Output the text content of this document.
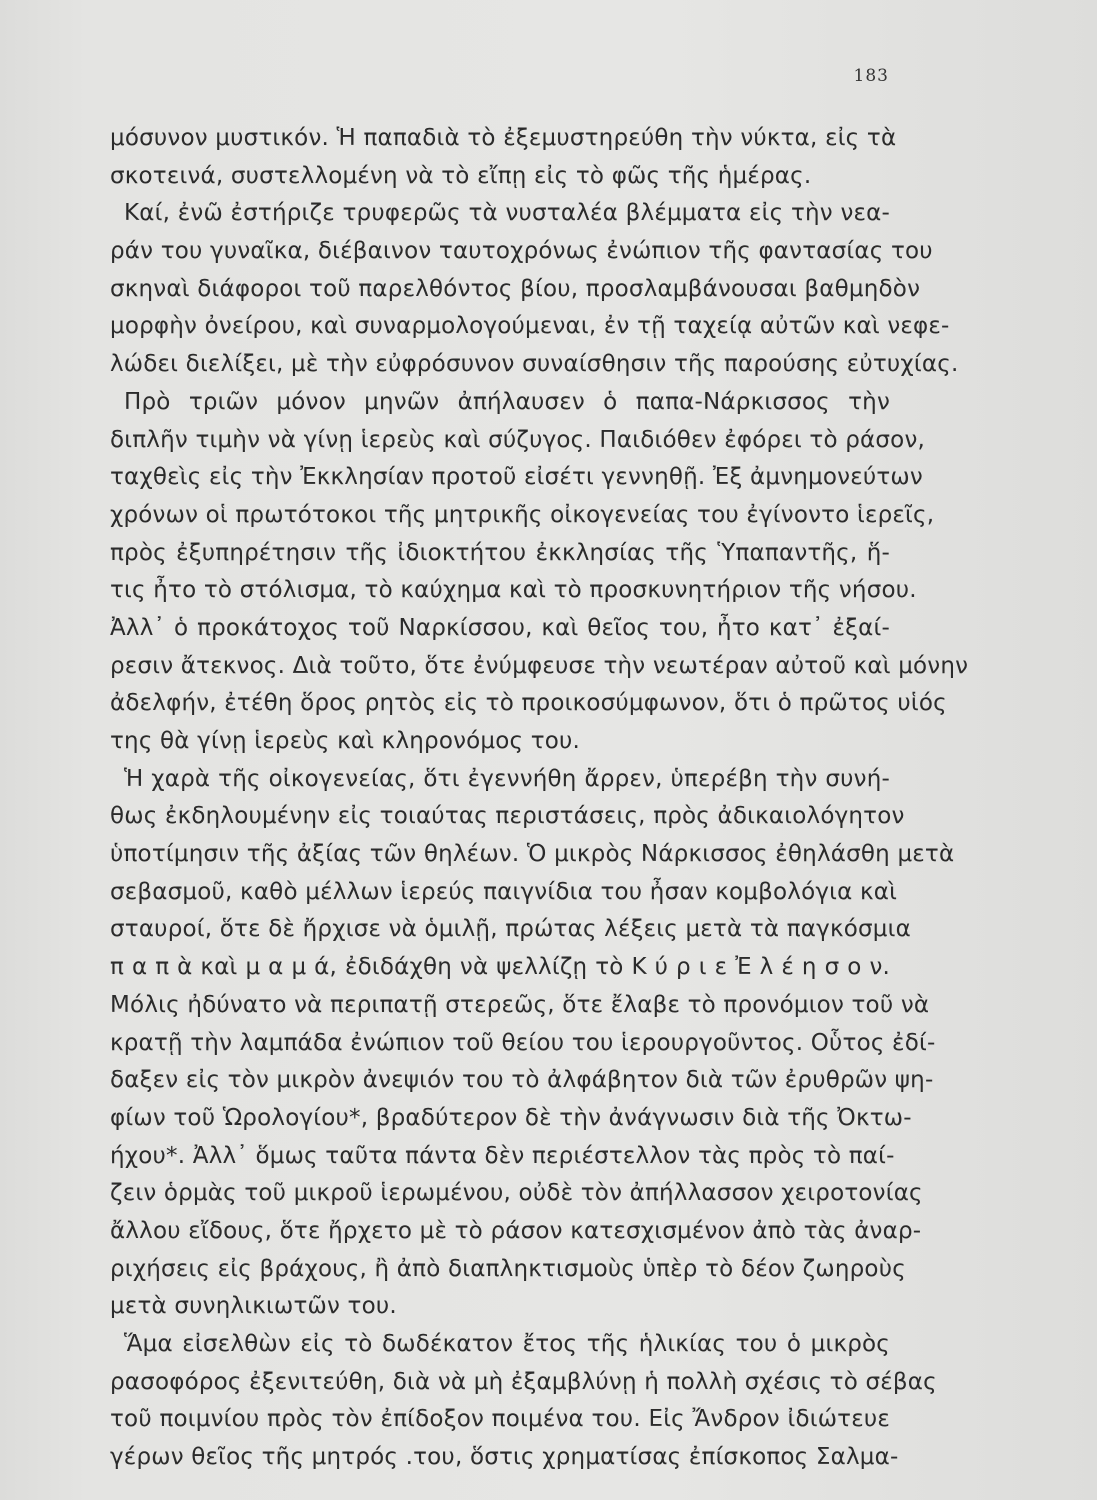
183
μόσυνον μυστικόν. Ἡ παπαδιὰ τὸ ἐξεμυστηρεύθη τὴν νύκτα, εἰς τὰ
σκοτεινά, συστελλομένη νὰ τὸ εἴπῃ εἰς τὸ φῶς τῆς ἡμέρας.
Καί, ἐνῶ ἐστήριζε τρυφερῶς τὰ νυσταλέα βλέμματα εἰς τὴν νεα-
ράν του γυναῖκα, διέβαινον ταυτοχρόνως ἐνώπιον τῆς φαντασίας του
σκηναὶ διάφοροι τοῦ παρελθόντος βίου, προσλαμβάνουσαι βαθμηδὸν
μορφὴν ὀνείρου, καὶ συναρμολογούμεναι, ἐν τῇ ταχείᾳ αὐτῶν καὶ νεφε-
λώδει διελίξει, μὲ τὴν εὐφρόσυνον συναίσθησιν τῆς παρούσης εὐτυχίας.
Πρὸ τριῶν μόνον μηνῶν ἀπήλαυσεν ὁ παπα-Νάρκισσος τὴν
διπλῆν τιμὴν νὰ γίνῃ ἱερεὺς καὶ σύζυγος. Παιδιόθεν ἐφόρει τὸ ράσον,
ταχθεὶς εἰς τὴν Ἐκκλησίαν προτοῦ εἰσέτι γεννηθῇ. Ἐξ ἀμνημονεύτων
χρόνων οἱ πρωτότοκοι τῆς μητρικῆς οἰκογενείας του ἐγίνοντο ἱερεῖς,
πρὸς ἐξυπηρέτησιν τῆς ἰδιοκτήτου ἐκκλησίας τῆς Ὑπαπαντῆς, ἥ-
τις ἦτο τὸ στόλισμα, τὸ καύχημα καὶ τὸ προσκυνητήριον τῆς νήσου.
Ἀλλ᾽ ὁ προκάτοχος τοῦ Ναρκίσσου, καὶ θεῖος του, ἦτο κατ᾽ ἐξαί-
ρεσιν ἄτεκνος. Διὰ τοῦτο, ὅτε ἐνύμφευσε τὴν νεωτέραν αὐτοῦ καὶ μόνην
ἀδελφήν, ἐτέθη ὅρος ρητὸς εἰς τὸ προικοσύμφωνον, ὅτι ὁ πρῶτος υἱός
της θὰ γίνῃ ἱερεὺς καὶ κληρονόμος του.
Ἡ χαρὰ τῆς οἰκογενείας, ὅτι ἐγεννήθη ἄρρεν, ὑπερέβη τὴν συνή-
θως ἐκδηλουμένην εἰς τοιαύτας περιστάσεις, πρὸς ἀδικαιολόγητον
ὑποτίμησιν τῆς ἀξίας τῶν θηλέων. Ὁ μικρὸς Νάρκισσος ἐθηλάσθη μετὰ
σεβασμοῦ, καθὸ μέλλων ἱερεύς παιγνίδια του ἦσαν κομβολόγια καὶ
σταυροί, ὅτε δὲ ἤρχισε νὰ ὁμιλῇ, πρώτας λέξεις μετὰ τὰ παγκόσμια
π α π ὰ καὶ μ α μ ά, ἐδιδάχθη νὰ ψελλίζῃ τὸ Κ ύ ρ ι ε Ἐ λ έ η σ ο ν.
Μόλις ἠδύνατο νὰ περιπατῇ στερεῶς, ὅτε ἔλαβε τὸ προνόμιον τοῦ νὰ
κρατῇ τὴν λαμπάδα ἐνώπιον τοῦ θείου του ἱερουργοῦντος. Οὗτος ἐδί-
δαξεν εἰς τὸν μικρὸν ἀνεψιόν του τὸ ἀλφάβητον διὰ τῶν ἐρυθρῶν ψη-
φίων τοῦ Ὡρολογίου*, βραδύτερον δὲ τὴν ἀνάγνωσιν διὰ τῆς Ὀκτω-
ήχου*. Ἀλλ᾽ ὅμως ταῦτα πάντα δὲν περιέστελλον τὰς πρὸς τὸ παί-
ζειν ὁρμὰς τοῦ μικροῦ ἱερωμένου, οὐδὲ τὸν ἀπήλλασσον χειροτονίας
ἄλλου εἴδους, ὅτε ἤρχετο μὲ τὸ ράσον κατεσχισμένον ἀπὸ τὰς ἀναρ-
ριχήσεις εἰς βράχους, ἢ ἀπὸ διαπληκτισμοὺς ὑπὲρ τὸ δέον ζωηροὺς
μετὰ συνηλικιωτῶν του.
Ἅμα εἰσελθὼν εἰς τὸ δωδέκατον ἔτος τῆς ἡλικίας του ὁ μικρὸς
ρασοφόρος ἐξενιτεύθη, διὰ νὰ μὴ ἐξαμβλύνῃ ἡ πολλὴ σχέσις τὸ σέβας
τοῦ ποιμνίου πρὸς τὸν ἐπίδοξον ποιμένα του. Εἰς Ἄνδρον ἰδιώτευε
γέρων θεῖος τῆς μητρός .του, ὅστις χρηματίσας ἐπίσκοπος Σαλμα-
